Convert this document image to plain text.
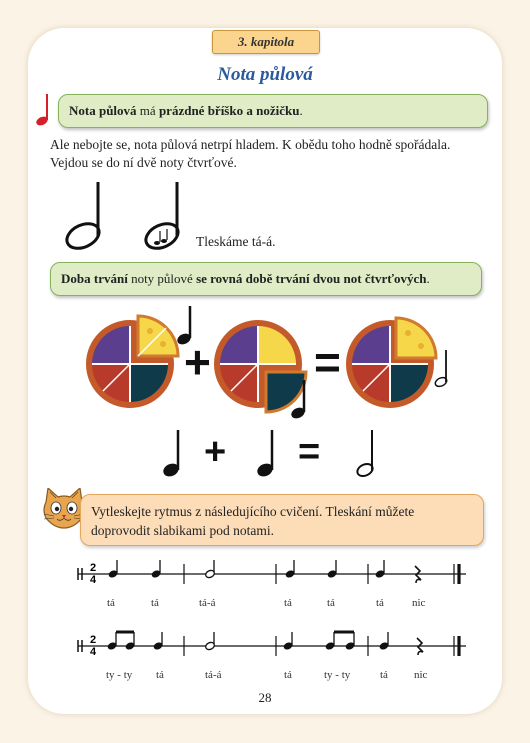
3. kapitola
Nota půlová
Nota půlová má prázdné bříško a nožičku.
Ale nebojte se, nota půlová netrpí hladem. K obědu toho hodně spořádala.
Vejdou se do ní dvě noty čtvrťové.
Tleskáme tá-á.
Doba trvání noty půlové se rovná době trvání dvou not čtvrťových.
+ =
+ =
Vytleskejte rytmus z následujícího cvičení. Tleskání můžete
doprovodit slabikami pod notami.
2
4
2
4
tá	tá	tá-á	tá	tá	tá	nic
ty - ty tá	tá-á	tá	ty - ty	tá nic
28
